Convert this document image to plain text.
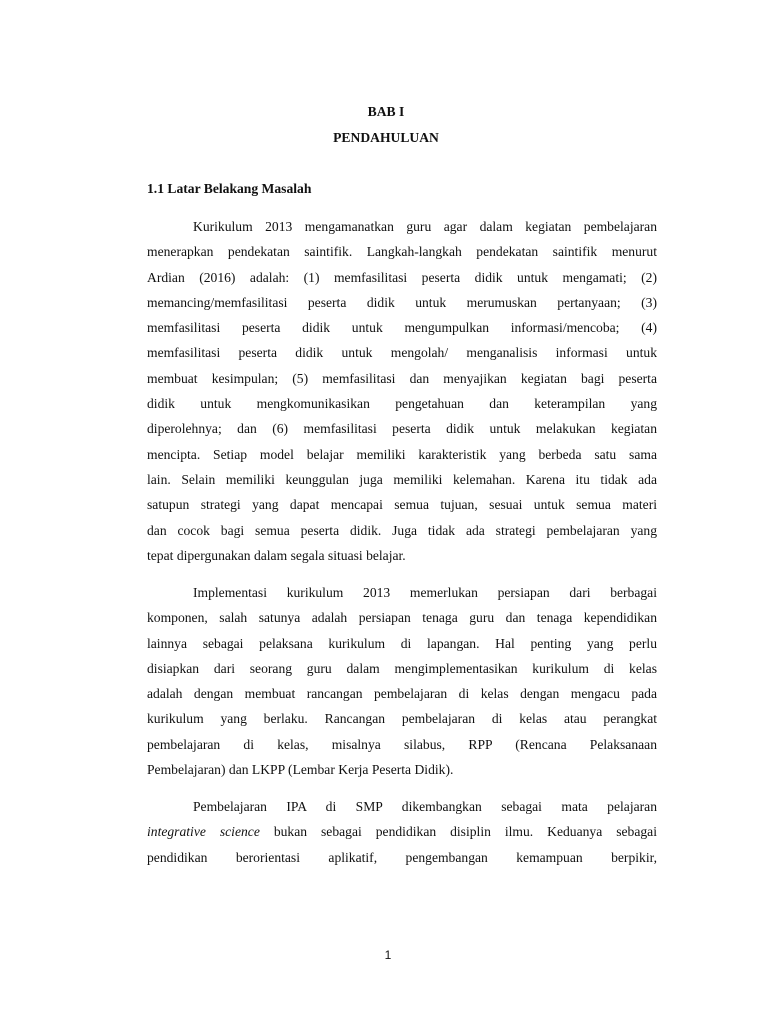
BAB I

PENDAHULUAN

1.1 Latar Belakang Masalah

Kurikulum 2013 mengamanatkan guru agar dalam kegiatan pembelajaran
menerapkan pendekatan saintifik. Langkah-langkah pendekatan saintifik menurut
Ardian (2016) adalah: (1) memfasilitasi peserta didik untuk mengamati; (2)
memancing/memfasilitasi peserta didik untuk merumuskan pertanyaan; (3)
memfasilitasi peserta didik untuk mengumpulkan informasi/mencoba; (4)
memfasilitasi peserta didik untuk mengolah/ menganalisis informasi untuk
membuat kesimpulan; (5) memfasilitasi dan menyajikan kegiatan bagi peserta
didik untuk mengkomunikasikan pengetahuan dan keterampilan yang
diperolehnya; dan (6) memfasilitasi peserta didik untuk melakukan kegiatan
mencipta. Setiap model belajar memiliki karakteristik yang berbeda satu sama
lain. Selain memiliki keunggulan juga memiliki kelemahan. Karena itu tidak ada
satupun strategi yang dapat mencapai semua tujuan, sesuai untuk semua materi
dan cocok bagi semua peserta didik. Juga tidak ada strategi pembelajaran yang
tepat dipergunakan dalam segala situasi belajar.

Implementasi kurikulum 2013 memerlukan persiapan dari berbagai
komponen, salah satunya adalah persiapan tenaga guru dan tenaga kependidikan
lainnya sebagai pelaksana kurikulum di lapangan. Hal penting yang perlu
disiapkan dari seorang guru dalam mengimplementasikan kurikulum di kelas
adalah dengan membuat rancangan pembelajaran di kelas dengan mengacu pada
kurikulum yang berlaku. Rancangan pembelajaran di kelas atau perangkat
pembelajaran di kelas, misalnya silabus, RPP (Rencana Pelaksanaan
Pembelajaran) dan LKPP (Lembar Kerja Peserta Didik).

Pembelajaran IPA di SMP dikembangkan sebagai mata pelajaran
integrative science bukan sebagai pendidikan disiplin ilmu. Keduanya sebagai
pendidikan berorientasi aplikatif, pengembangan kemampuan berpikir,

1
